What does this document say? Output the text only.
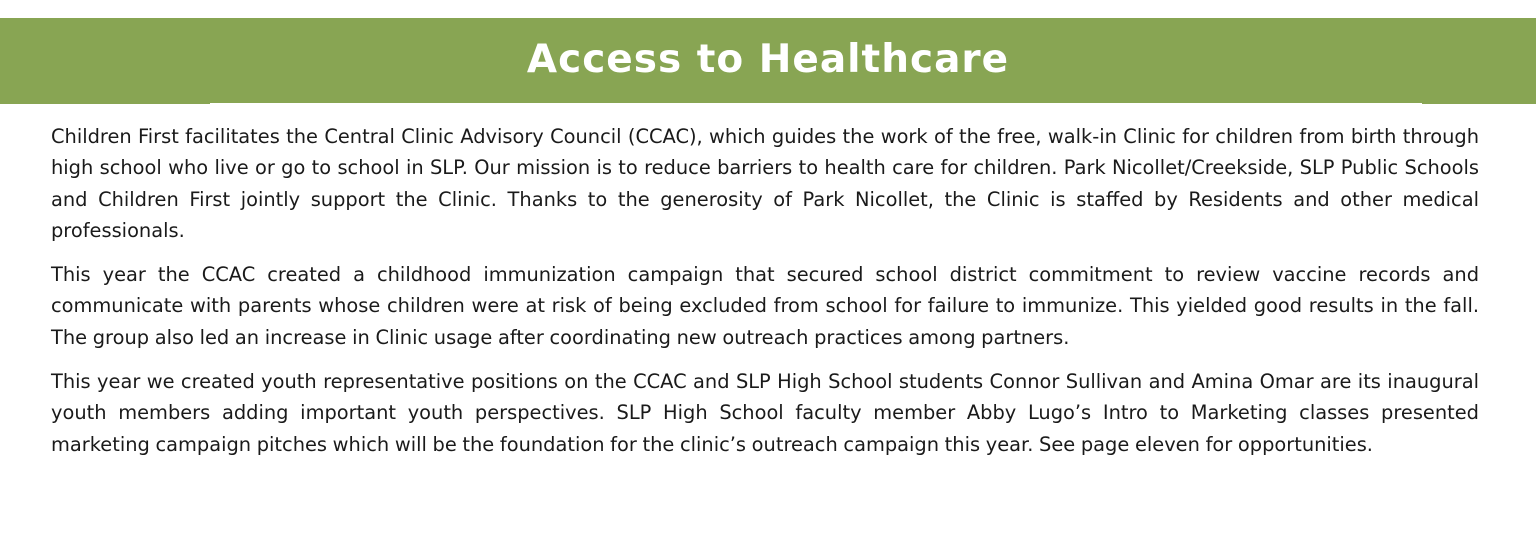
Access to Healthcare

Children First facilitates the Central Clinic Advisory Council (CCAC), which guides the work of the free, walk-in Clinic for children from birth through high school who live or go to school in SLP. Our mission is to reduce barriers to health care for children. Park Nicollet/Creekside, SLP Public Schools and Children First jointly support the Clinic. Thanks to the generosity of Park Nicollet, the Clinic is staffed by Residents and other medical professionals.

This year the CCAC created a childhood immunization campaign that secured school district commitment to review vaccine records and communicate with parents whose children were at risk of being excluded from school for failure to immunize. This yielded good results in the fall. The group also led an increase in Clinic usage after coordinating new outreach practices among partners.

This year we created youth representative positions on the CCAC and SLP High School students Connor Sullivan and Amina Omar are its inaugural youth members adding important youth perspectives. SLP High School faculty member Abby Lugo’s Intro to Marketing classes presented marketing campaign pitches which will be the foundation for the clinic’s outreach campaign this year. See page eleven for opportunities.
